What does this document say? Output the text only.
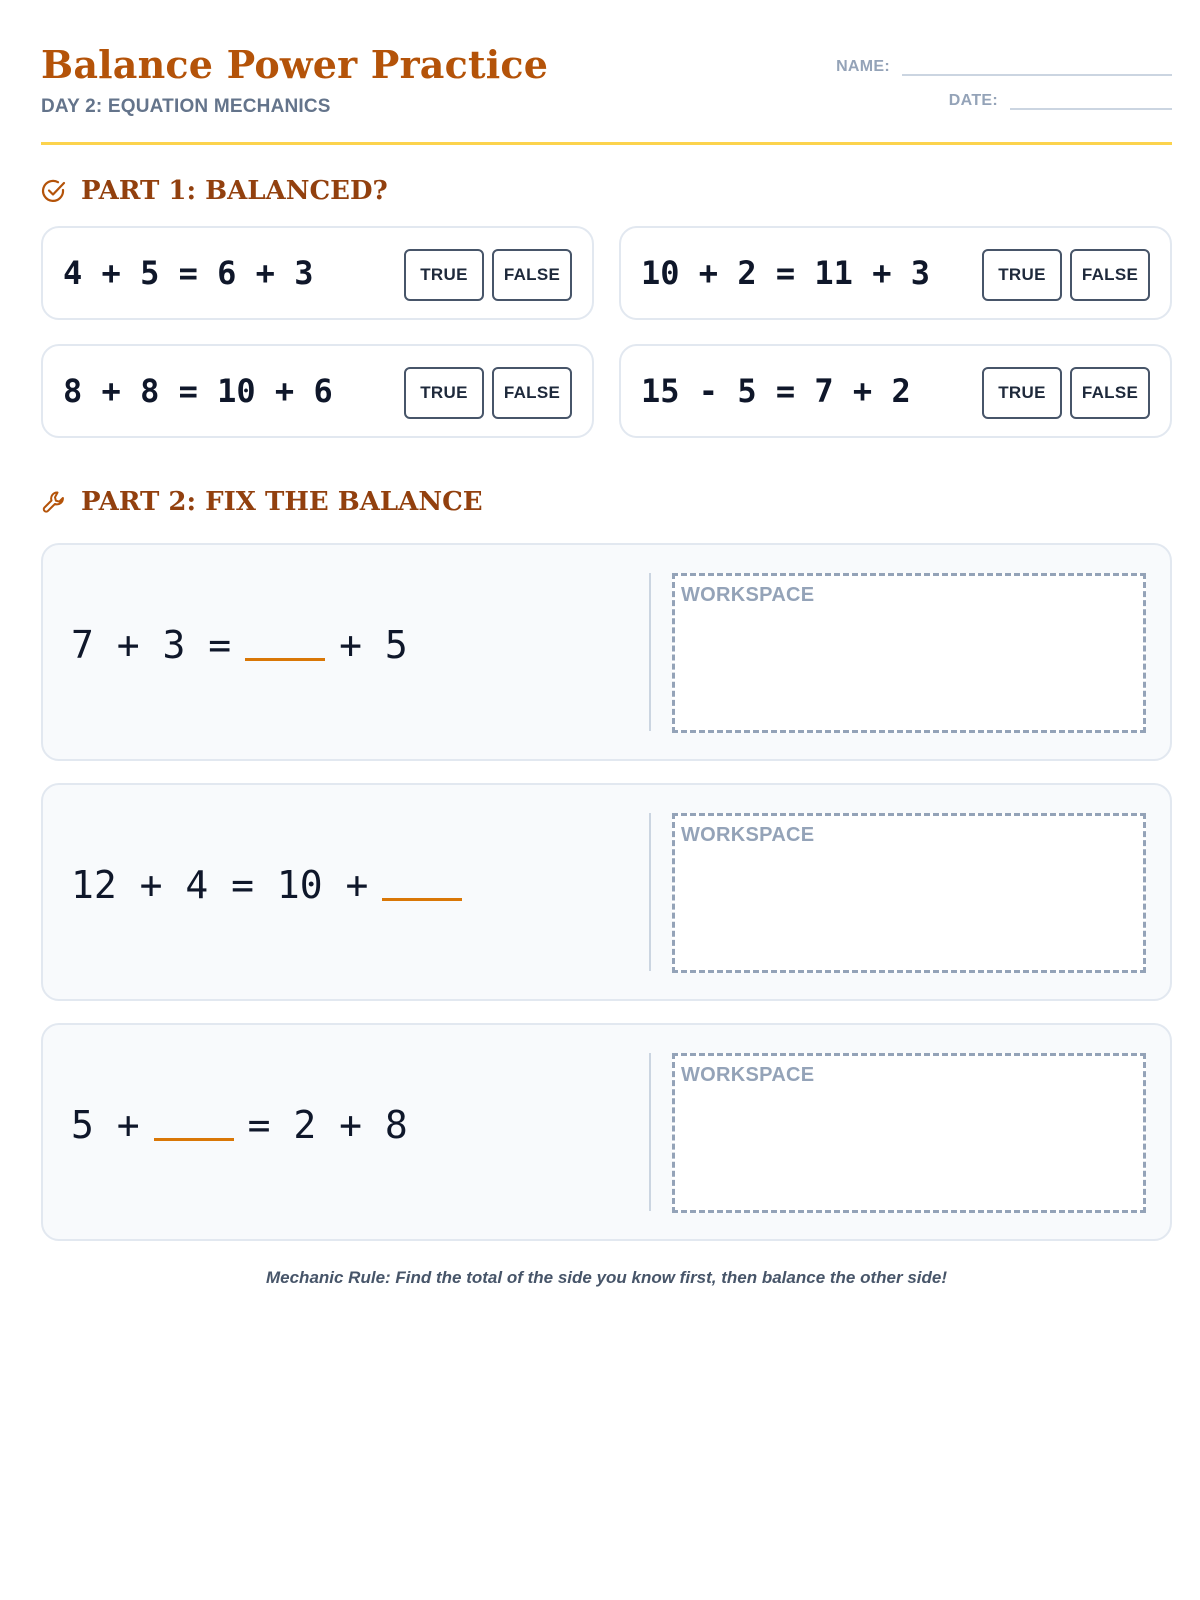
Balance Power Practice
DAY 2: EQUATION MECHANICS
NAME:
DATE:
PART 1: BALANCED?
4 + 5 = 6 + 3	TRUE	FALSE	10 + 2 = 11 + 3	TRUE	FALSE
8 + 8 = 10 + 6	TRUE	FALSE	15 - 5 = 7 + 2	TRUE	FALSE
PART 2: FIX THE BALANCE
7 + 3 =	+ 5
WORKSPACE
12 + 4 = 10 +
WORKSPACE
5 +	= 2 + 8
WORKSPACE
Mechanic Rule: Find the total of the side you know first, then balance the other side!
